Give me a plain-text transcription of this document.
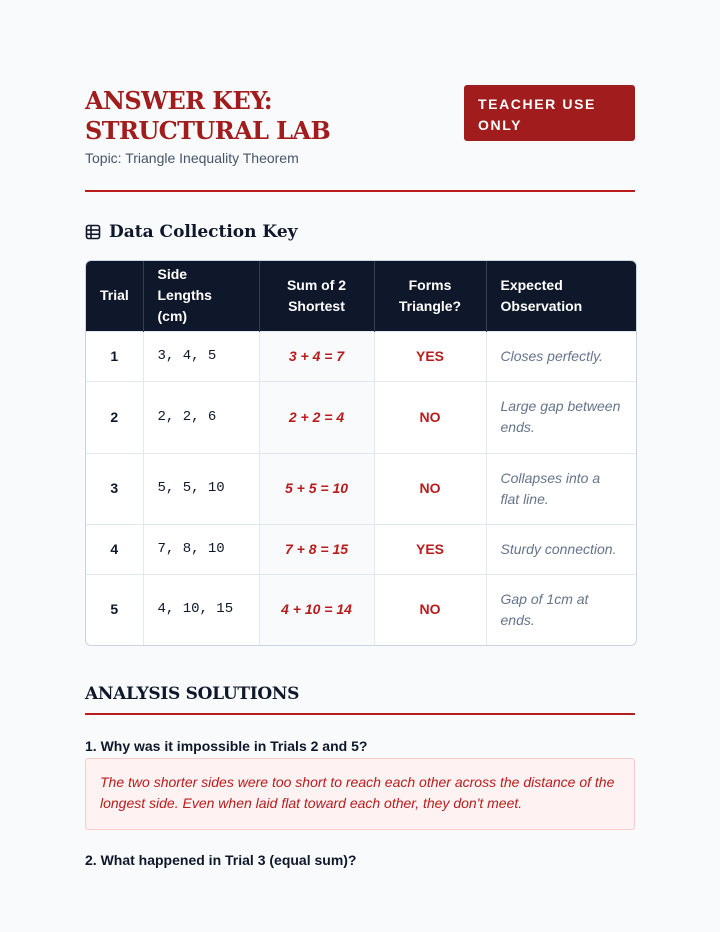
ANSWER KEY: STRUCTURAL LAB
Topic: Triangle Inequality Theorem
TEACHER USE ONLY
Data Collection Key
Trial	Side Lengths (cm)	Sum of 2 Shortest	Forms Triangle?	Expected Observation
1	3, 4, 5	3 + 4 = 7	YES	Closes perfectly.
2	2, 2, 6	2 + 2 = 4	NO	Large gap between ends.
3	5, 5, 10	5 + 5 = 10	NO	Collapses into a flat line.
4	7, 8, 10	7 + 8 = 15	YES	Sturdy connection.
5	4, 10, 15	4 + 10 = 14	NO	Gap of 1cm at ends.
ANALYSIS SOLUTIONS
1. Why was it impossible in Trials 2 and 5?
The two shorter sides were too short to reach each other across the distance of the longest side. Even when laid flat toward each other, they don't meet.
2. What happened in Trial 3 (equal sum)?
